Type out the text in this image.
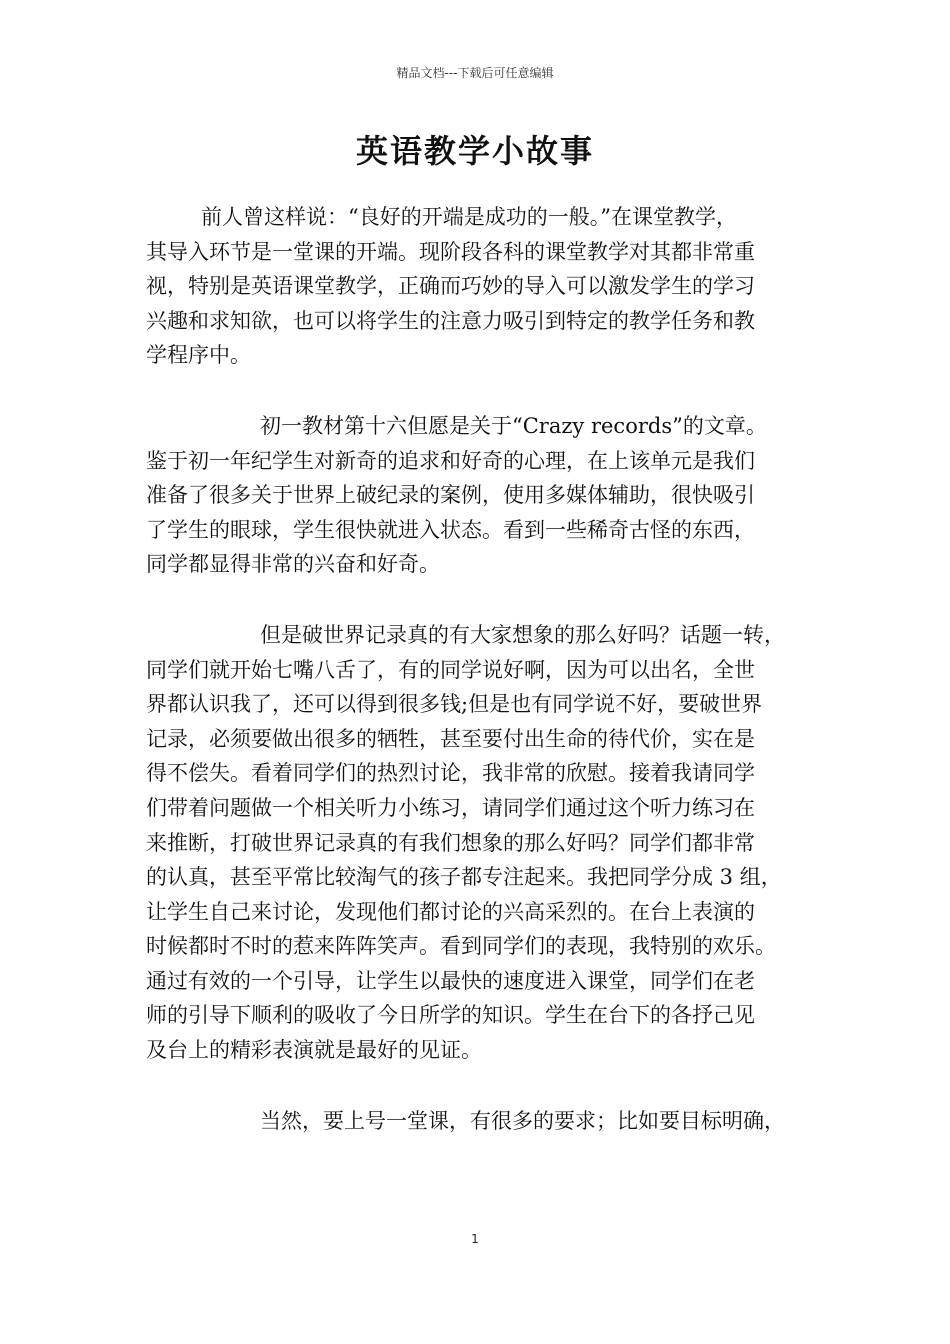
精品文档---下载后可任意编辑
英语教学小故事

前人曾这样说：“良好的开端是成功的一般。”在课堂教学，
其导入环节是一堂课的开端。现阶段各科的课堂教学对其都非常重
视，特别是英语课堂教学，正确而巧妙的导入可以激发学生的学习
兴趣和求知欲，也可以将学生的注意力吸引到特定的教学任务和教
学程序中。

初一教材第十六但愿是关于“Crazy records”的文章。
鉴于初一年纪学生对新奇的追求和好奇的心理，在上该单元是我们
准备了很多关于世界上破纪录的案例，使用多媒体辅助，很快吸引
了学生的眼球，学生很快就进入状态。看到一些稀奇古怪的东西，
同学都显得非常的兴奋和好奇。

但是破世界记录真的有大家想象的那么好吗？话题一转，
同学们就开始七嘴八舌了，有的同学说好啊，因为可以出名，全世
界都认识我了，还可以得到很多钱;但是也有同学说不好，要破世界
记录，必须要做出很多的牺牲，甚至要付出生命的待代价，实在是
得不偿失。看着同学们的热烈讨论，我非常的欣慰。接着我请同学
们带着问题做一个相关听力小练习，请同学们通过这个听力练习在
来推断，打破世界记录真的有我们想象的那么好吗？同学们都非常
的认真，甚至平常比较淘气的孩子都专注起来。我把同学分成 3 组，
让学生自己来讨论，发现他们都讨论的兴高采烈的。在台上表演的
时候都时不时的惹来阵阵笑声。看到同学们的表现，我特别的欢乐。
通过有效的一个引导，让学生以最快的速度进入课堂，同学们在老
师的引导下顺利的吸收了今日所学的知识。学生在台下的各抒己见
及台上的精彩表演就是最好的见证。

当然，要上号一堂课，有很多的要求；比如要目标明确，

1
